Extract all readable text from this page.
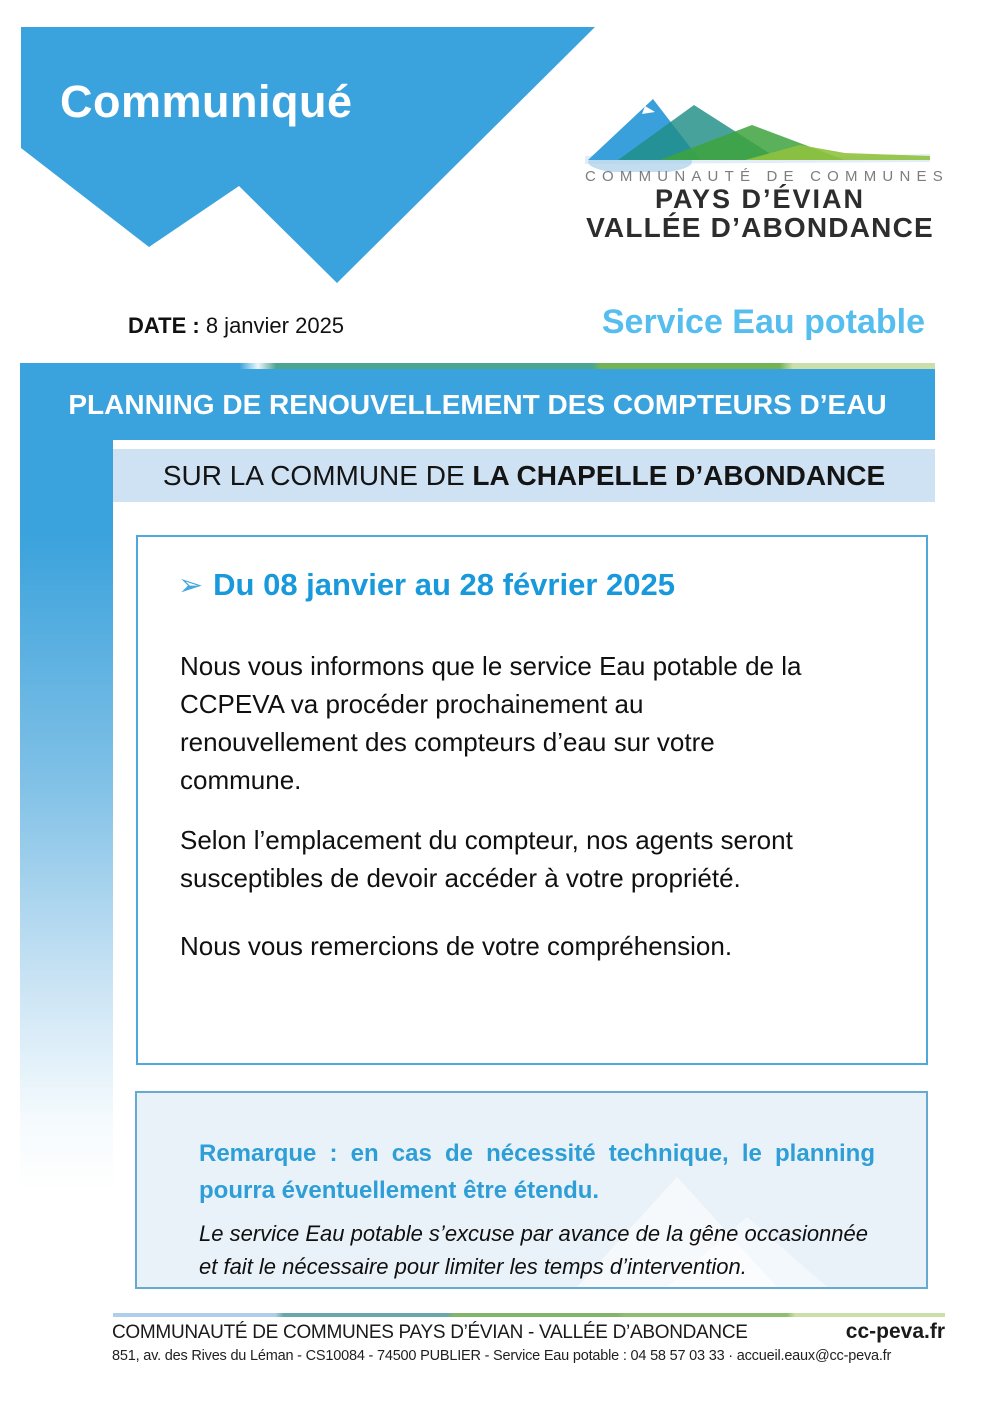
Communiqué
COMMUNAUTÉ DE COMMUNES
PAYS D’ÉVIAN
VALLÉE D’ABONDANCE
DATE : 8 janvier 2025	Service Eau potable
PLANNING DE RENOUVELLEMENT DES COMPTEURS D’EAU
SUR LA COMMUNE DE LA CHAPELLE D’ABONDANCE
➢ Du 08 janvier au 28 février 2025
Nous vous informons que le service Eau potable de la
CCPEVA va procéder prochainement au
renouvellement des compteurs d’eau sur votre
commune.
Selon l’emplacement du compteur, nos agents seront
susceptibles de devoir accéder à votre propriété.
Nous vous remercions de votre compréhension.
Remarque : en cas de nécessité technique, le planning
pourra éventuellement être étendu.
Le service Eau potable s’excuse par avance de la gêne occasionnée
et fait le nécessaire pour limiter les temps d’intervention.
COMMUNAUTÉ DE COMMUNES PAYS D’ÉVIAN - VALLÉE D’ABONDANCE
851, av. des Rives du Léman - CS10084 - 74500 PUBLIER - Service Eau potable : 04 58 57 03 33 · accueil.eaux@cc-peva.fr
cc-peva.fr
